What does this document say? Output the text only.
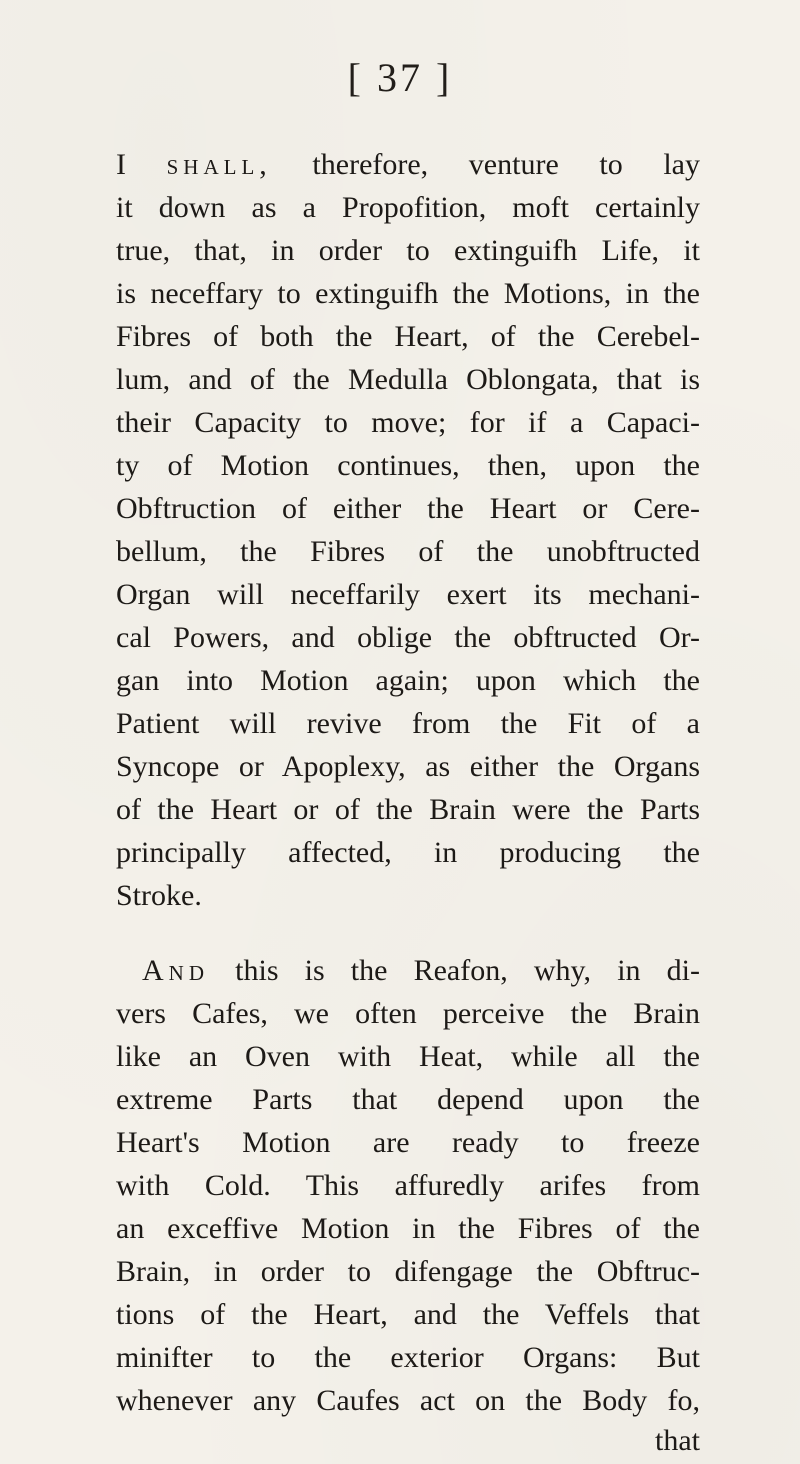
[ 37 ]
I shall, therefore, venture to lay
it down as a Propofition, moft certainly
true, that, in order to extinguifh Life, it
is neceffary to extinguifh the Motions, in the
Fibres of both the Heart, of the Cerebel-
lum, and of the Medulla Oblongata, that is
their Capacity to move; for if a Capaci-
ty of Motion continues, then, upon the
Obftruction of either the Heart or Cere-
bellum, the Fibres of the unobftructed
Organ will neceffarily exert its mechani-
cal Powers, and oblige the obftructed Or-
gan into Motion again; upon which the
Patient will revive from the Fit of a
Syncope or Apoplexy, as either the Organs
of the Heart or of the Brain were the Parts
principally affected, in producing the
Stroke.
And this is the Reafon, why, in di-
vers Cafes, we often perceive the Brain
like an Oven with Heat, while all the
extreme Parts that depend upon the
Heart's Motion are ready to freeze
with Cold. This affuredly arifes from
an exceffive Motion in the Fibres of the
Brain, in order to difengage the Obftruc-
tions of the Heart, and the Veffels that
minifter to the exterior Organs: But
whenever any Caufes act on the Body fo,
that
